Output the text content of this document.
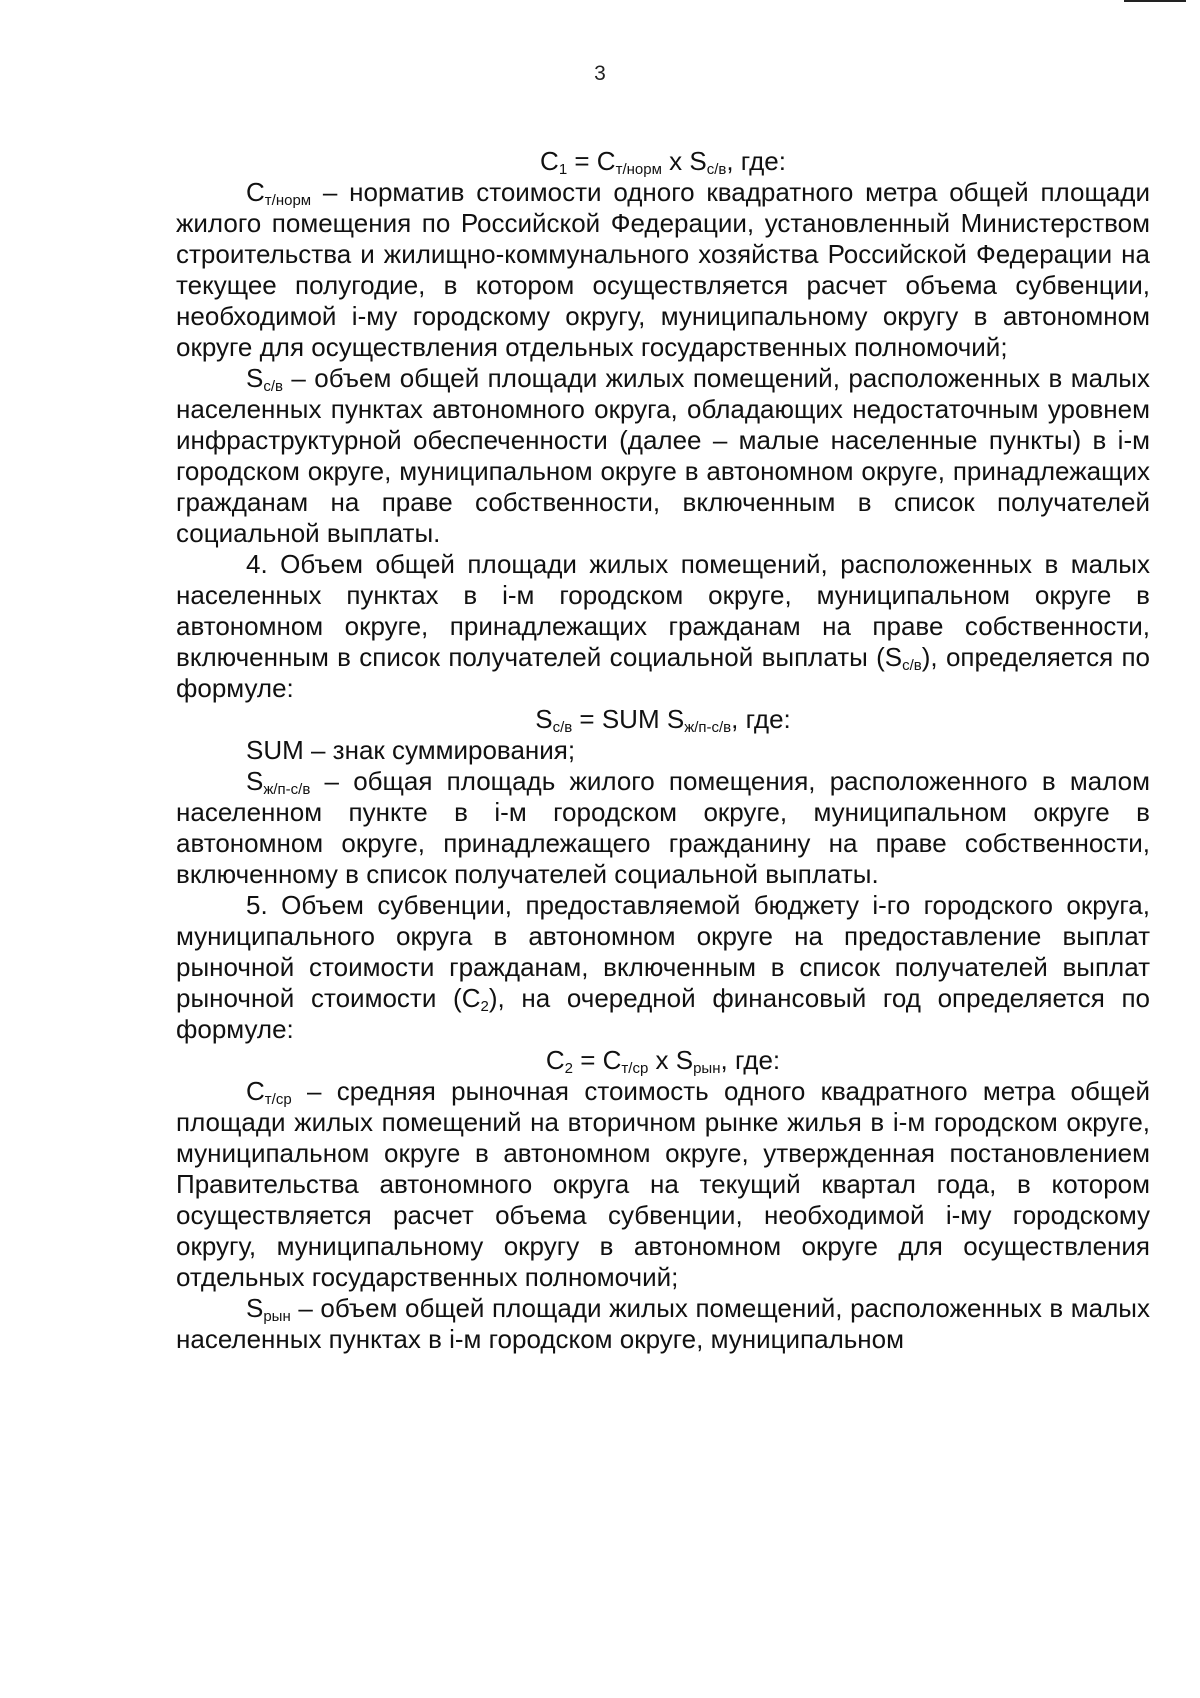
3

$С_1 = С_{т/норм}$ х $S_{с/в}$, где:

$С_{т/норм}$ – норматив стоимости одного квадратного метра общей площади жилого помещения по Российской Федерации, установленный Министерством строительства и жилищно-коммунального хозяйства Российской Федерации на текущее полугодие, в котором осуществляется расчет объема субвенции, необходимой i-му городскому округу, муниципальному округу в автономном округе для осуществления отдельных государственных полномочий;

$S_{с/в}$ – объем общей площади жилых помещений, расположенных в малых населенных пунктах автономного округа, обладающих недостаточным уровнем инфраструктурной обеспеченности (далее – малые населенные пункты) в i-м городском округе, муниципальном округе в автономном округе, принадлежащих гражданам на праве собственности, включенным в список получателей социальной выплаты.

4. Объем общей площади жилых помещений, расположенных в малых населенных пунктах в i-м городском округе, муниципальном округе в автономном округе, принадлежащих гражданам на праве собственности, включенным в список получателей социальной выплаты $(S_{с/в})$, определяется по формуле:

$S_{с/в}$ = SUM $S_{ж/п-с/в}$, где:

SUM – знак суммирования;

$S_{ж/п-с/в}$ – общая площадь жилого помещения, расположенного в малом населенном пункте в i-м городском округе, муниципальном округе в автономном округе, принадлежащего гражданину на праве собственности, включенному в список получателей социальной выплаты.

5. Объем субвенции, предоставляемой бюджету i-го городского округа, муниципального округа в автономном округе на предоставление выплат рыночной стоимости гражданам, включенным в список получателей выплат рыночной стоимости $(С_2)$, на очередной финансовый год определяется по формуле:

$С_2 = С_{т/ср}$ х $S_{рын}$, где:

$С_{т/ср}$ – средняя рыночная стоимость одного квадратного метра общей площади жилых помещений на вторичном рынке жилья в i-м городском округе, муниципальном округе в автономном округе, утвержденная постановлением Правительства автономного округа на текущий квартал года, в котором осуществляется расчет объема субвенции, необходимой i-му городскому округу, муниципальному округу в автономном округе для осуществления отдельных государственных полномочий;

$S_{рын}$ – объем общей площади жилых помещений, расположенных в малых населенных пунктах в i-м городском округе, муниципальном
